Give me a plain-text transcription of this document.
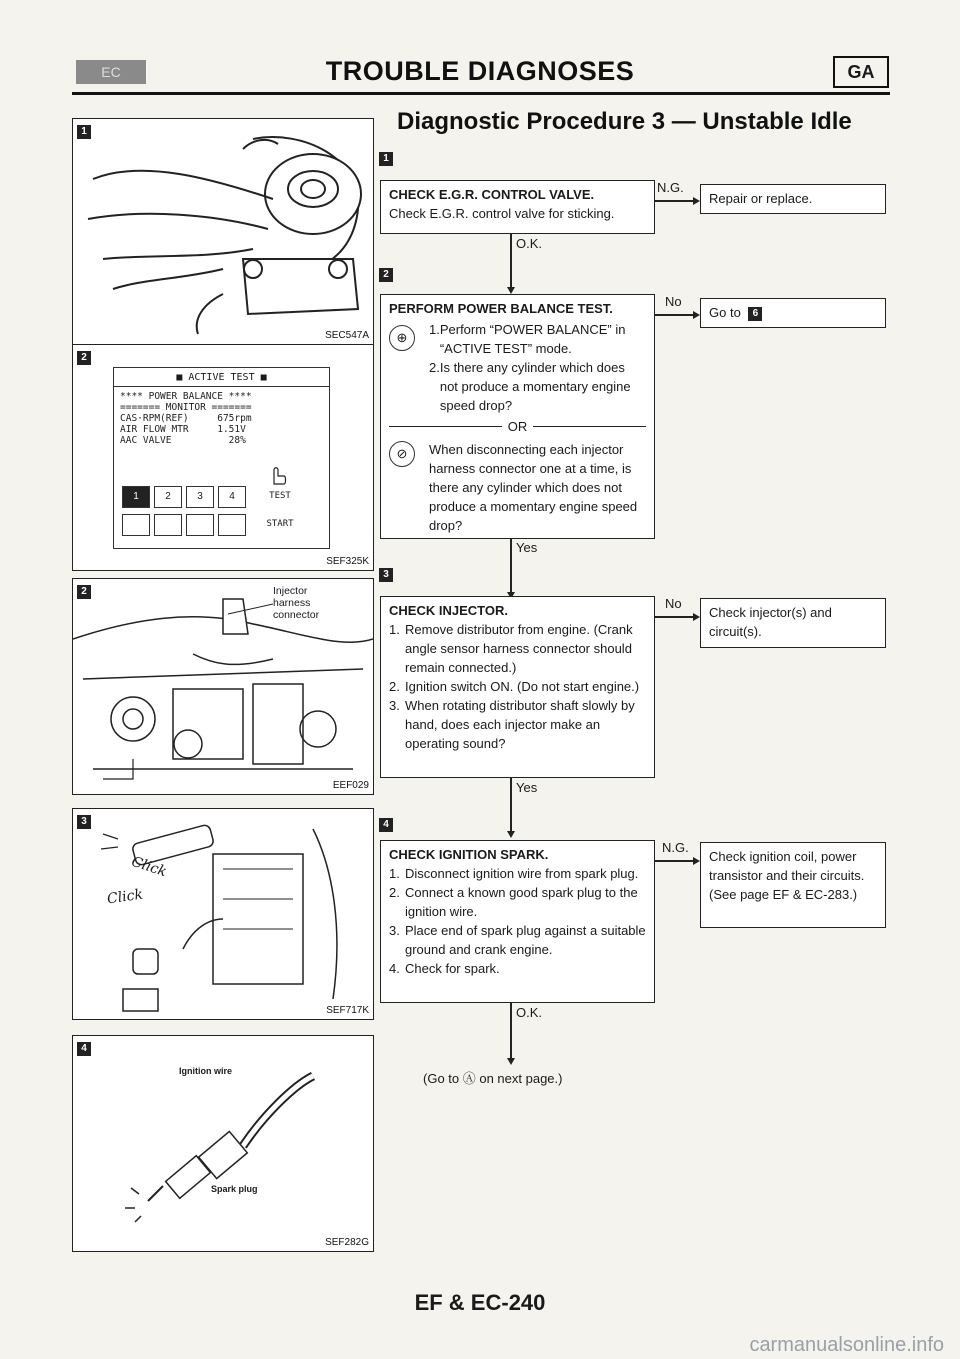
EC	TROUBLE DIAGNOSES	GA
Diagnostic Procedure 3 — Unstable Idle
1
SEC547A
2
■ ACTIVE TEST ■
**** POWER BALANCE ****
======= MONITOR =======
CAS·RPM(REF)     675rpm
AIR FLOW MTR     1.51V
AAC VALVE          28%
1	2	3	4	TEST
START
SEF325K
2	Injector
harness
connector
EEF029
3
Click
Click
SEF717K
4
Ignition wire
Spark plug
SEF282G
1
CHECK E.G.R. CONTROL VALVE.
Check E.G.R. control valve for sticking.
N.G.
Repair or replace.
O.K.
2
PERFORM POWER BALANCE TEST.
⊕
1. Perform “POWER BALANCE” in “ACTIVE TEST” mode.
2. Is there any cylinder which does not produce a momentary engine speed drop?
OR
⊘	When disconnecting each injector harness connector one at a time, is there any cylinder which does not produce a momentary engine speed drop?
No
Go to 6
Yes
3
CHECK INJECTOR.
1. Remove distributor from engine. (Crank angle sensor harness connector should remain connected.)
2. Ignition switch ON. (Do not start engine.)
3. When rotating distributor shaft slowly by hand, does each injector make an operating sound?
No
Check injector(s) and circuit(s).
Yes
4
CHECK IGNITION SPARK.
1. Disconnect ignition wire from spark plug.
2. Connect a known good spark plug to the ignition wire.
3. Place end of spark plug against a suitable ground and crank engine.
4. Check for spark.
N.G.
Check ignition coil, power transistor and their circuits. (See page EF & EC-283.)
O.K.
(Go to Ⓐ on next page.)
EF & EC-240
carmanualsonline.info
